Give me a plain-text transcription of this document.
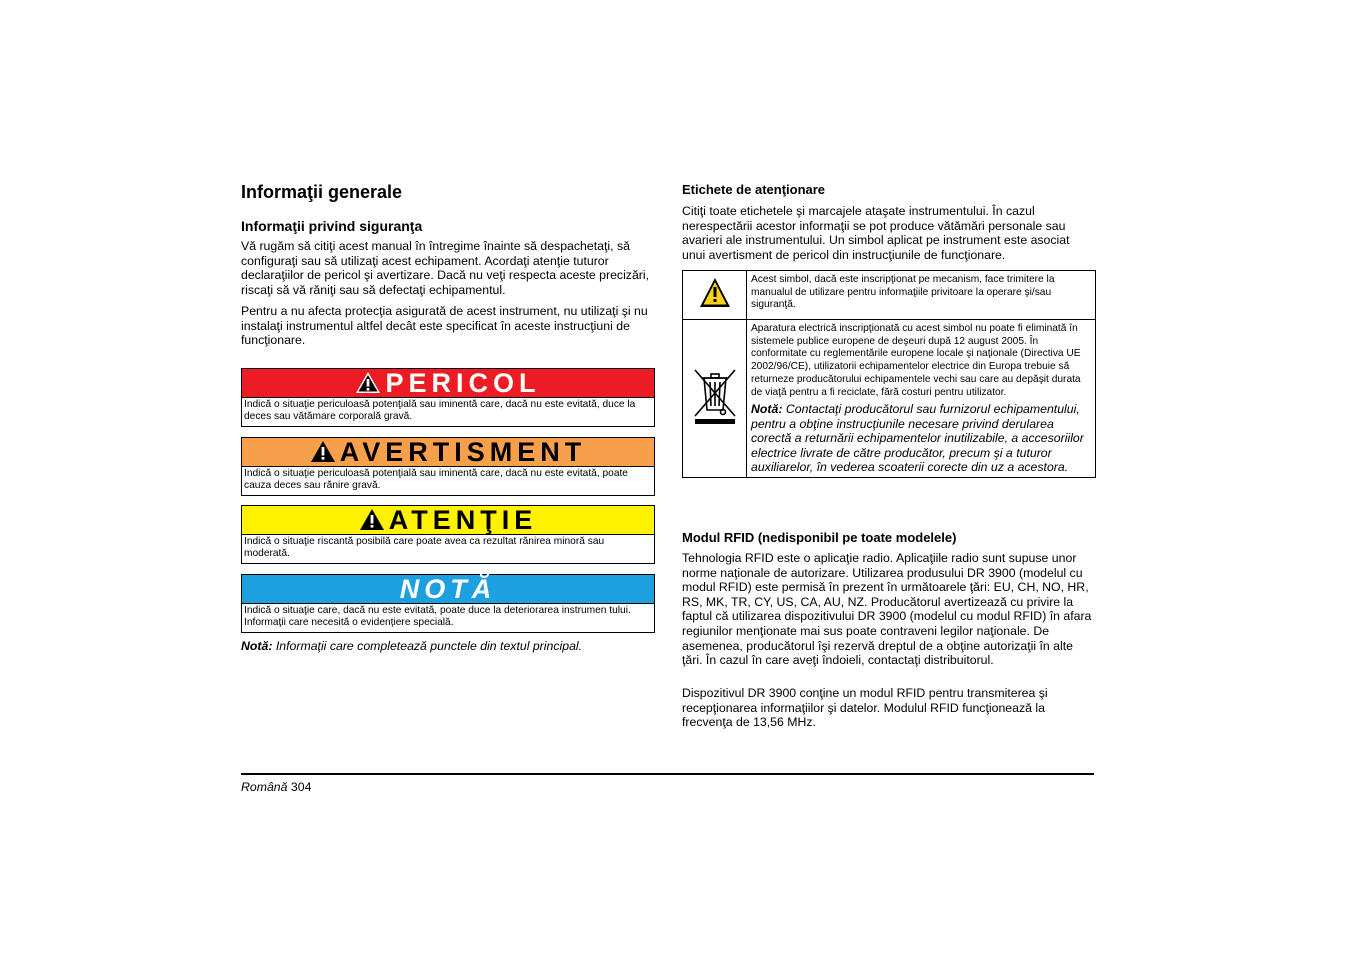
Informaţii generale
Informaţii privind siguranţa

Vă rugăm să citiţi acest manual în întregime înainte să despachetaţi, să configuraţi sau să utilizaţi acest echipament. Acordaţi atenţie tuturor declaraţiilor de pericol şi avertizare. Dacă nu veţi respecta aceste precizări, riscaţi să vă răniţi sau să defectaţi echipamentul.

Pentru a nu afecta protecţia asigurată de acest instrument, nu utilizaţi şi nu instalaţi instrumentul altfel decât este specificat în aceste instrucţiuni de funcţionare.

PERICOL
Indică o situaţie periculoasă potenţială sau iminentă care, dacă nu este evitată, duce la deces sau vătămare corporală gravă.
AVERTISMENT
Indică o situaţie periculoasă potenţială sau iminentă care, dacă nu este evitată, poate cauza deces sau rănire gravă.
ATENŢIE
Indică o situaţie riscantă posibilă care poate avea ca rezultat rănirea minoră sau moderată.
NOTĂ
Indică o situaţie care, dacă nu este evitată, poate duce la deteriorarea instrumen tului. Informaţii care necesită o evidenţiere specială.
Notă: Informaţii care completează punctele din textul principal.
Etichete de atenţionare

Citiţi toate etichetele şi marcajele ataşate instrumentului. În cazul nerespectării acestor informaţii se pot produce vătămări personale sau avarieri ale instrumentului. Un simbol aplicat pe instrument este asociat unui avertisment de pericol din instrucţiunile de funcţionare.

	Acest simbol, dacă este inscripţionat pe mecanism, face trimitere la manualul de utilizare pentru informaţiile privitoare la operare şi/sau siguranţă.

Aparatura electrică inscripţionată cu acest simbol nu poate fi eliminată în sistemele publice europene de deşeuri după 12 august 2005. În conformitate cu reglementările europene locale şi naţionale (Directiva UE 2002/96/CE), utilizatorii echipamentelor electrice din Europa trebuie să returneze producătorului echipamentele vechi sau care au depăşit durata de viaţă pentru a fi reciclate, fără costuri pentru utilizator.
Notă: Contactaţi producătorul sau furnizorul echipamentului, pentru a obţine instrucţiunile necesare privind derularea corectă a returnării echipamentelor inutilizabile, a accesoriilor electrice livrate de către producător, precum şi a tuturor auxiliarelor, în vederea scoaterii corecte din uz a acestora.
Modul RFID (nedisponibil pe toate modelele)

Tehnologia RFID este o aplicaţie radio. Aplicaţiile radio sunt supuse unor norme naţionale de autorizare. Utilizarea produsului DR 3900 (modelul cu modul RFID) este permisă în prezent în următoarele ţări: EU, CH, NO, HR, RS, MK, TR, CY, US, CA, AU, NZ. Producătorul avertizează cu privire la faptul că utilizarea dispozitivului DR 3900 (modelul cu modul RFID) în afara regiunilor menţionate mai sus poate contraveni legilor naţionale. De asemenea, producătorul îşi rezervă dreptul de a obţine autorizaţii în alte ţări. În cazul în care aveţi îndoieli, contactaţi distribuitorul.

Dispozitivul DR 3900 conţine un modul RFID pentru transmiterea şi recepţionarea informaţiilor şi datelor. Modulul RFID funcţionează la frecvenţa de 13,56 MHz.

Română 304
